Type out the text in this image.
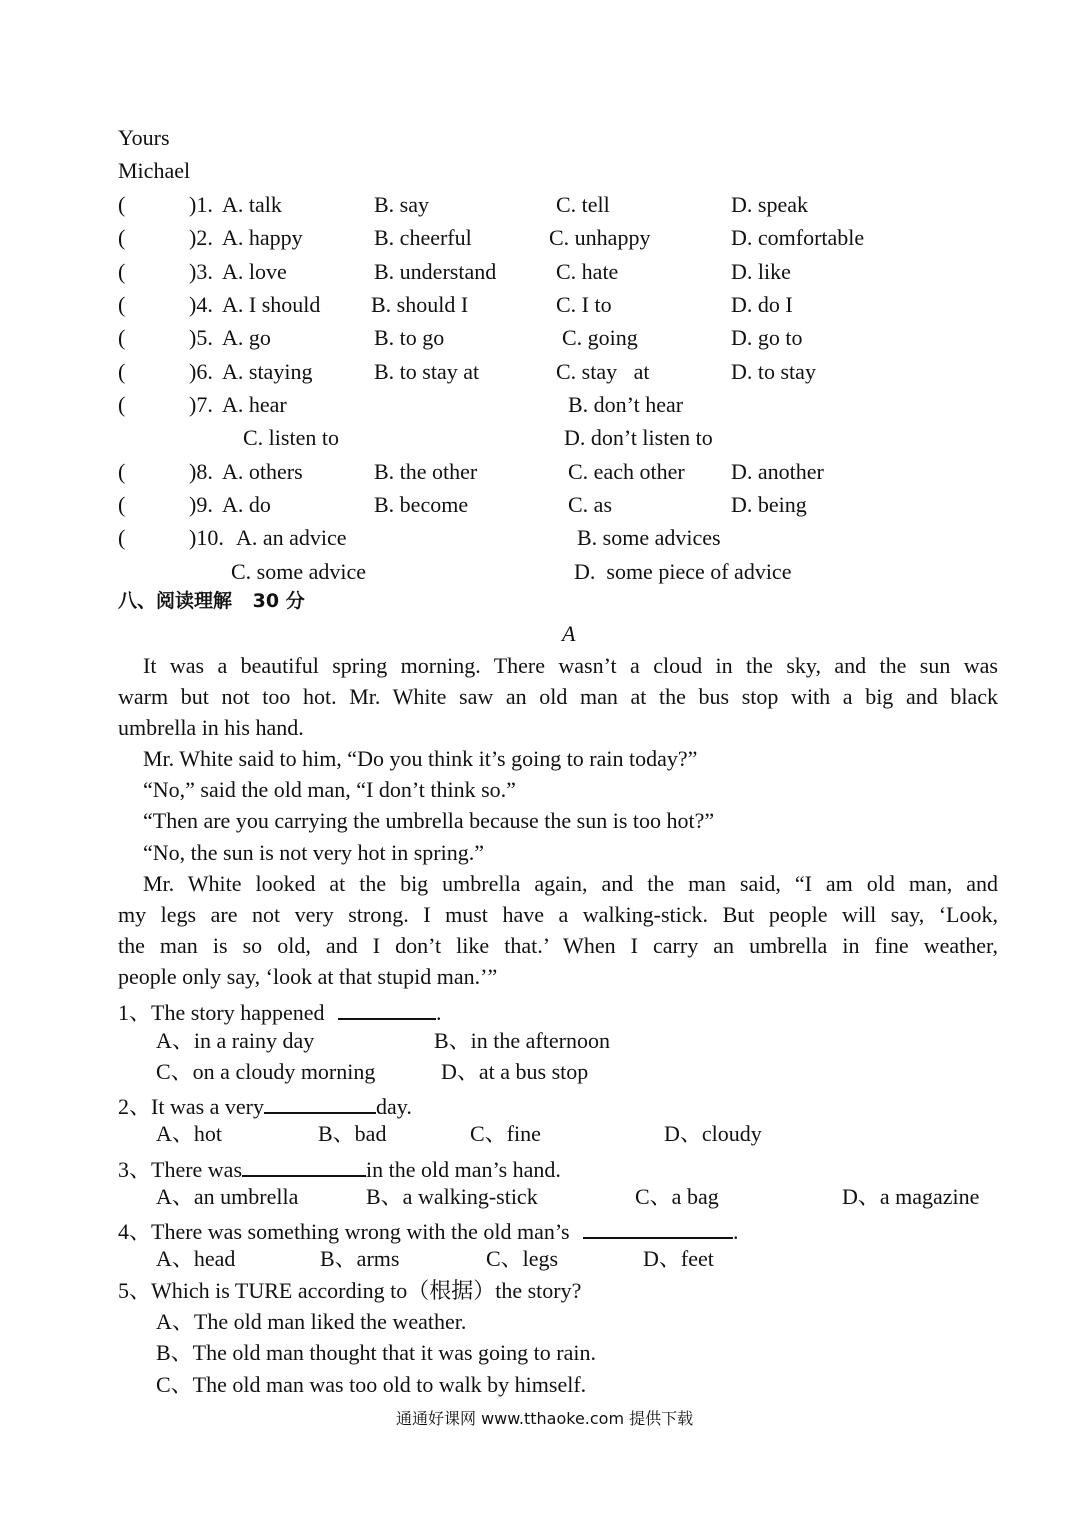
Yours
Michael
(	)1. A. talk	B. say	C. tell	D. speak
(	)2. A. happy	B. cheerful	C. unhappy	D. comfortable
(	)3. A. love	B. understand	C. hate	D. like
(	)4. A. I should B. should I	C. I to	D. do I
(	)5. A. go	B. to go	C. going	D. go to
(	)6. A. staying	B. to stay at	C. stay   at	D. to stay
(	)7. A. hear	B. don’t hear
C. listen to	D. don’t listen to
(	)8. A. others	B. the other	C. each other D. another
(	)9. A. do	B. become	C. as	D. being
(	)10. A. an advice	B. some advices
C. some advice	D.  some piece of advice
八、阅读理解 30 分
A
It was a beautiful spring morning. There wasn’t a cloud in the sky, and the sun was
warm but not too hot. Mr. White saw an old man at the bus stop with a big and black
umbrella in his hand.
Mr. White said to him, “Do you think it’s going to rain today?”
“No,” said the old man, “I don’t think so.”
“Then are you carrying the umbrella because the sun is too hot?”
“No, the sun is not very hot in spring.”
Mr. White looked at the big umbrella again, and the man said, “I am old man, and
my legs are not very strong. I must have a walking-stick. But people will say, ‘Look,
the man is so old, and I don’t like that.’ When I carry an umbrella in fine weather,
people only say, ‘look at that stupid man.’”
1、The story happened	.
A、in a rainy day	B、in the afternoon
C、on a cloudy morning	D、at a bus stop
2、It was a very	day.
A、hot	B、bad	C、fine	D、cloudy
3、There was	in the old man’s hand.
A、an umbrella	B、a walking-stick	C、a bag	D、a magazine
4、There was something wrong with the old man’s	.
A、head	B、arms	C、legs	D、feet
5、Which is TURE according to（根据）the story?
A、The old man liked the weather.
B、The old man thought that it was going to rain.
C、The old man was too old to walk by himself.
通通好课网 www.tthaoke.com 提供下载
